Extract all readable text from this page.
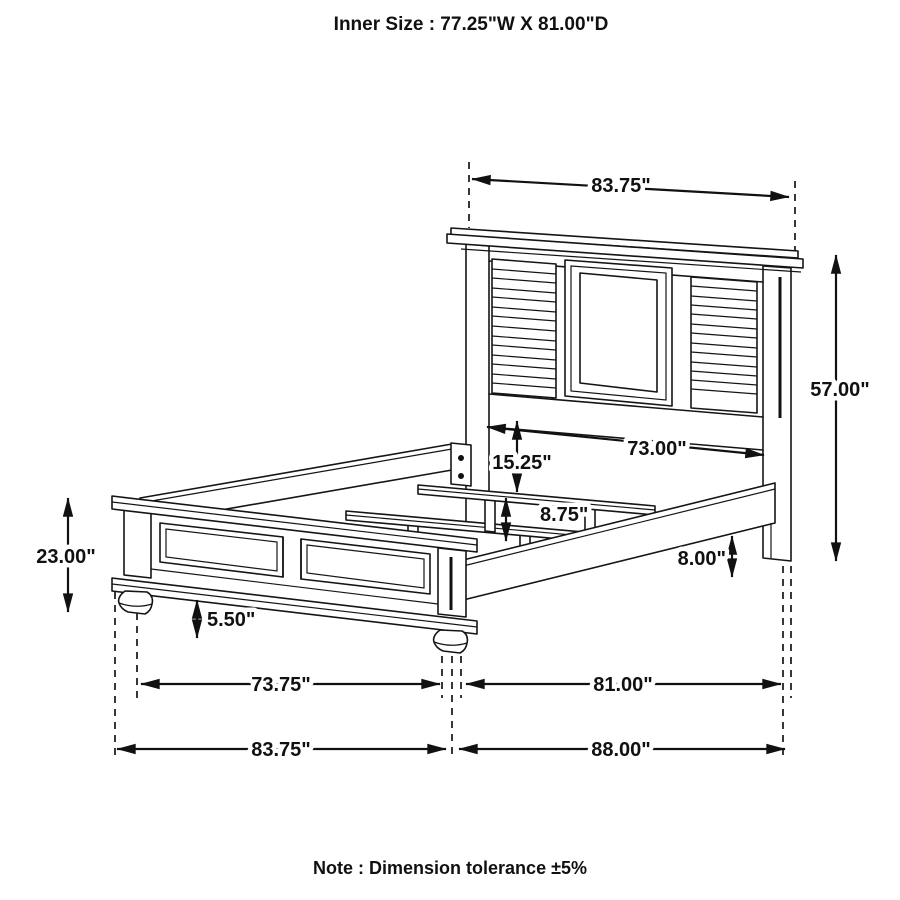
Inner Size : 77.25"W X 81.00"D
83.75"
57.00"
73.00"
15.25"
8.75"
8.00"
23.00"
5.50"
73.75"	81.00"
83.75"	88.00"
Note : Dimension tolerance ±5%
